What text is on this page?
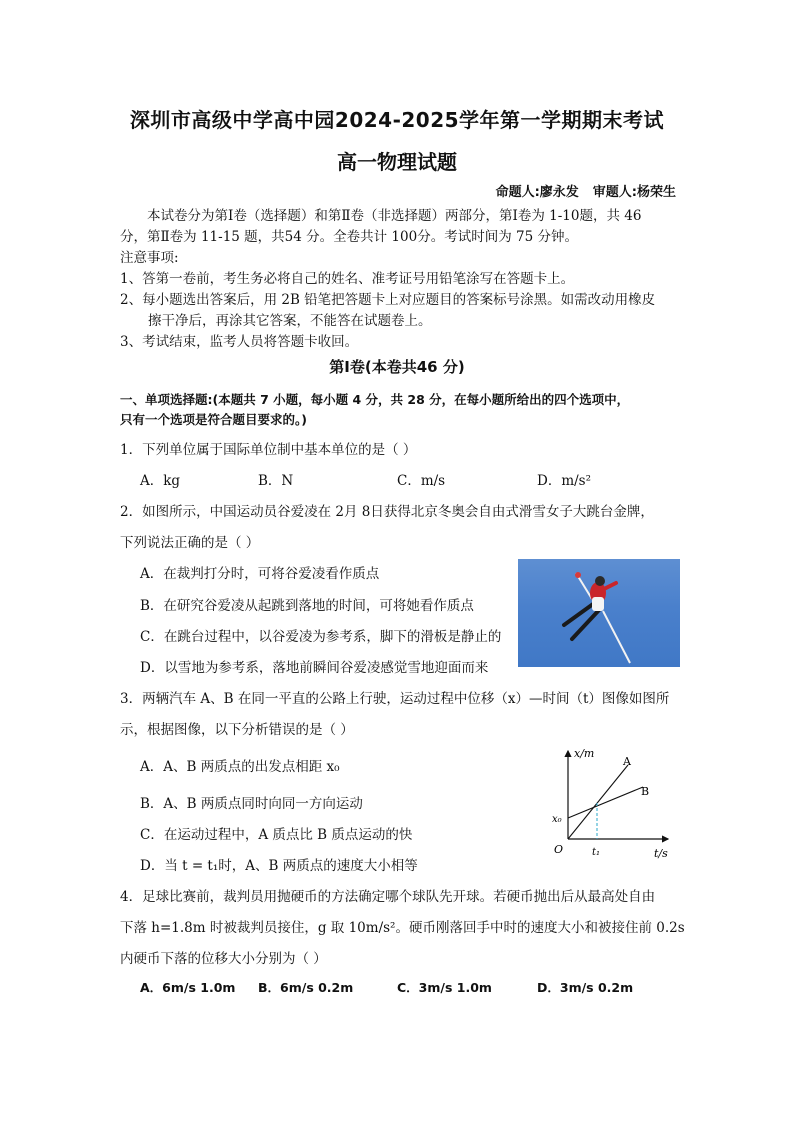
深圳市高级中学高中园2024-2025学年第一学期期末考试
高一物理试题
命题人:廖永发 审题人:杨荣生
本试卷分为第Ⅰ卷（选择题）和第Ⅱ卷（非选择题）两部分，第Ⅰ卷为 1-10题，共 46
分，第Ⅱ卷为 11-15 题，共54 分。全卷共计 100分。考试时间为 75 分钟。
注意事项:
1、答第一卷前，考生务必将自己的姓名、准考证号用铅笔涂写在答题卡上。
2、每小题选出答案后，用 2B 铅笔把答题卡上对应题目的答案标号涂黑。如需改动用橡皮
擦干净后，再涂其它答案，不能答在试题卷上。
3、考试结束，监考人员将答题卡收回。
第Ⅰ卷(本卷共46 分)
一、单项选择题:(本题共 7 小题，每小题 4 分，共 28 分，在每小题所给出的四个选项中，
只有一个选项是符合题目要求的。)
1．下列单位属于国际单位制中基本单位的是（ ）
A．kg	B．N	C．m/s	D．m/s²
2．如图所示，中国运动员谷爱凌在 2月 8日获得北京冬奥会自由式滑雪女子大跳台金牌，
下列说法正确的是（ ）
A．在裁判打分时，可将谷爱凌看作质点
B．在研究谷爱凌从起跳到落地的时间，可将她看作质点
C．在跳台过程中，以谷爱凌为参考系，脚下的滑板是静止的
D．以雪地为参考系，落地前瞬间谷爱凌感觉雪地迎面而来
3．两辆汽车 A、B 在同一平直的公路上行驶，运动过程中位移（x）—时间（t）图像如图所
示，根据图像，以下分析错误的是（ ）
A．A、B 两质点的出发点相距 x₀
B．A、B 两质点同时向同一方向运动
C．在运动过程中，A 质点比 B 质点运动的快
D．当 t = t₁时，A、B 两质点的速度大小相等
x/m
t/s
O
x₀
t₁
A
B
4．足球比赛前，裁判员用抛硬币的方法确定哪个球队先开球。若硬币抛出后从最高处自由
下落 h=1.8m 时被裁判员接住，g 取 10m/s²。硬币刚落回手中时的速度大小和被接住前 0.2s
内硬币下落的位移大小分别为（ ）
A．6m/s 1.0m B．6m/s 0.2m	C．3m/s 1.0m	D．3m/s 0.2m
